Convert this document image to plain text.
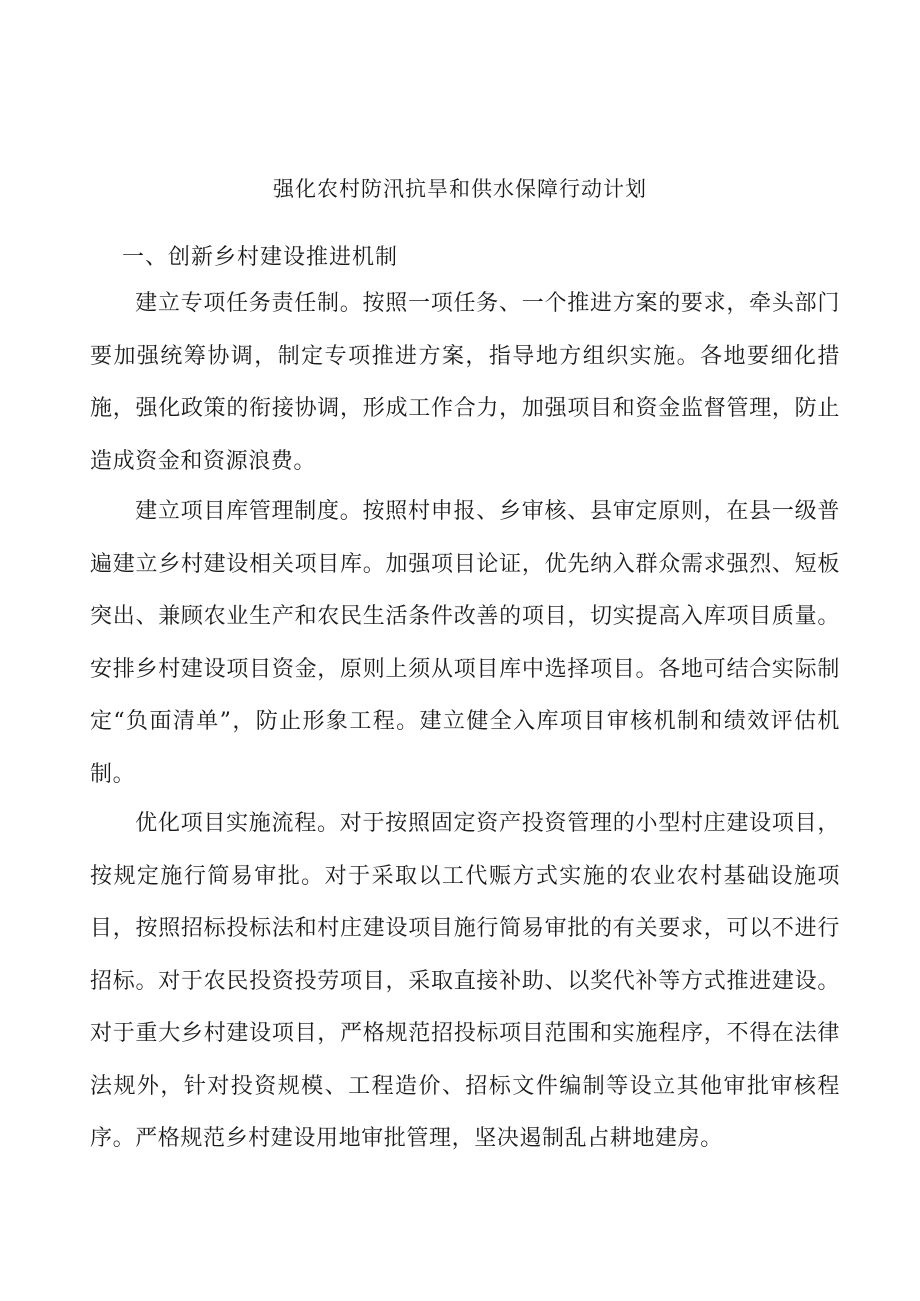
强化农村防汛抗旱和供水保障行动计划
一、创新乡村建设推进机制

建立专项任务责任制。按照一项任务、一个推进方案的要求，牵头部门要加强统筹协调，制定专项推进方案，指导地方组织实施。各地要细化措施，强化政策的衔接协调，形成工作合力，加强项目和资金监督管理，防止造成资金和资源浪费。

建立项目库管理制度。按照村申报、乡审核、县审定原则，在县一级普遍建立乡村建设相关项目库。加强项目论证，优先纳入群众需求强烈、短板突出、兼顾农业生产和农民生活条件改善的项目，切实提高入库项目质量。安排乡村建设项目资金，原则上须从项目库中选择项目。各地可结合实际制定“负面清单”，防止形象工程。建立健全入库项目审核机制和绩效评估机制。

优化项目实施流程。对于按照固定资产投资管理的小型村庄建设项目，按规定施行简易审批。对于采取以工代赈方式实施的农业农村基础设施项目，按照招标投标法和村庄建设项目施行简易审批的有关要求，可以不进行招标。对于农民投资投劳项目，采取直接补助、以奖代补等方式推进建设。对于重大乡村建设项目，严格规范招投标项目范围和实施程序，不得在法律法规外，针对投资规模、工程造价、招标文件编制等设立其他审批审核程序。严格规范乡村建设用地审批管理，坚决遏制乱占耕地建房。
